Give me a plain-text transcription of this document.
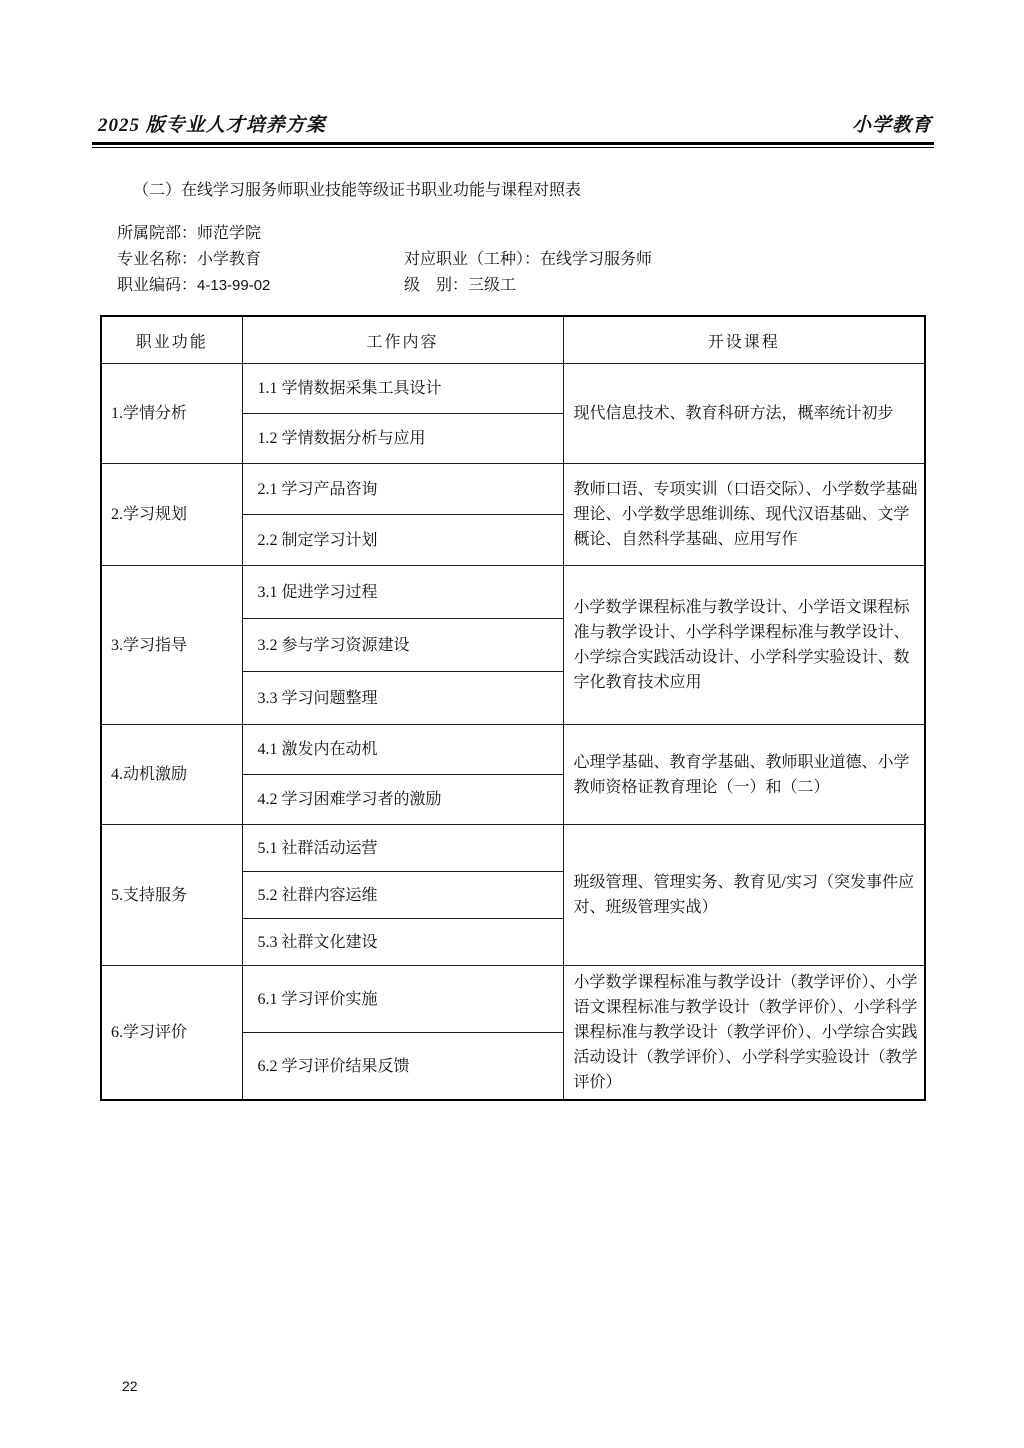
2025 版专业人才培养方案	小学教育
（二）在线学习服务师职业技能等级证书职业功能与课程对照表
所属院部：师范学院
专业名称：小学教育	对应职业（工种）：在线学习服务师
职业编码：4-13-99-02	级　别：三级工
职业功能	工作内容	开设课程
1.学情分析	1.1 学情数据采集工具设计	现代信息技术、教育科研方法，概率统计初步
	1.2 学情数据分析与应用	
2.学习规划	2.1 学习产品咨询	教师口语、专项实训（口语交际）、小学数学基础理论、小学数学思维训练、现代汉语基础、文学概论、自然科学基础、应用写作
	2.2 制定学习计划	
3.学习指导	3.1 促进学习过程	小学数学课程标准与教学设计、小学语文课程标准与教学设计、小学科学课程标准与教学设计、小学综合实践活动设计、小学科学实验设计、数字化教育技术应用
	3.2 参与学习资源建设	
	3.3 学习问题整理	
4.动机激励	4.1 激发内在动机	心理学基础、教育学基础、教师职业道德、小学教师资格证教育理论（一）和（二）
	4.2 学习困难学习者的激励	
5.支持服务	5.1 社群活动运营	班级管理、管理实务、教育见/实习（突发事件应对、班级管理实战）
	5.2 社群内容运维	
	5.3 社群文化建设	
6.学习评价	6.1 学习评价实施	小学数学课程标准与教学设计（教学评价）、小学语文课程标准与教学设计（教学评价）、小学科学课程标准与教学设计（教学评价）、小学综合实践活动设计（教学评价）、小学科学实验设计（教学评价）
	6.2 学习评价结果反馈	
22
